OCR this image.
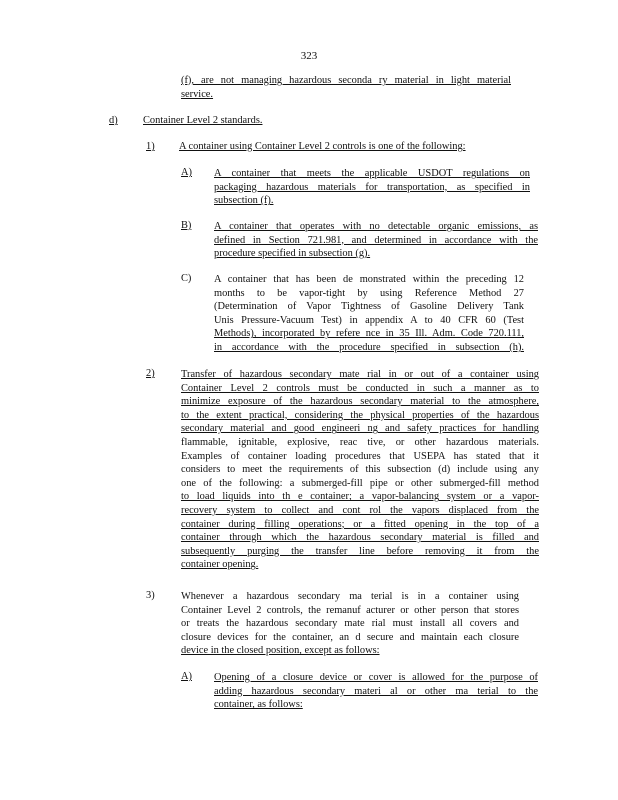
323
(f), are not managing hazardous seconda ry material in light material
service.
d) Container Level 2 standards.
1) A container using Container Level 2 controls is one of the following:
A) A container that meets the applicable USDOT regulations on
packaging hazardous materials for transportation, as specified in
subsection (f).
B) A container that operates with no detectable organic emissions, as
defined in Section 721.981, and determined in accordance with the
procedure specified in subsection (g).
C) A container that has been de monstrated within the preceding 12
months to be vapor-tight by using Reference Method 27
(Determination of Vapor Tightness of Gasoline Delivery Tank
Unis Pressure-Vacuum Test) in appendix A to 40 CFR 60 (Test
Methods), incorporated by refere nce in 35 Ill. Adm. Code 720.111,
in accordance with the procedure specified in subsection (h).
2)	Transfer of hazardous secondary mate rial in or out of a container using
Container Level 2 controls must be conducted in such a manner as to
minimize exposure of the hazardous secondary material to the atmosphere,
to the extent practical, considering the physical properties of the hazardous
secondary material and good engineeri ng and safety practices for handling
flammable, ignitable, explosive, reac tive, or other hazardous materials.
Examples of container loading procedures that USEPA has stated that it
considers to meet the requirements of this subsection (d) include using any
one of the following: a submerged-fill pipe or other submerged-fill method
to load liquids into th e container; a vapor-balancing system or a vapor-
recovery system to collect and cont rol the vapors displaced from the
container during filling operations; or a fitted opening in the top of a
container through which the hazardous secondary material is filled and
subsequently purging the transfer line before removing it from the
container opening.
3)	Whenever a hazardous secondary ma terial is in a container using
Container Level 2 controls, the remanuf acturer or other person that stores
or treats the hazardous secondary mate rial must install all covers and
closure devices for the container, an d secure and maintain each closure
device in the closed position, except as follows:
A) Opening of a closure device or cover is allowed for the purpose of
adding hazardous secondary materi al or other ma terial to the
container, as follows:
